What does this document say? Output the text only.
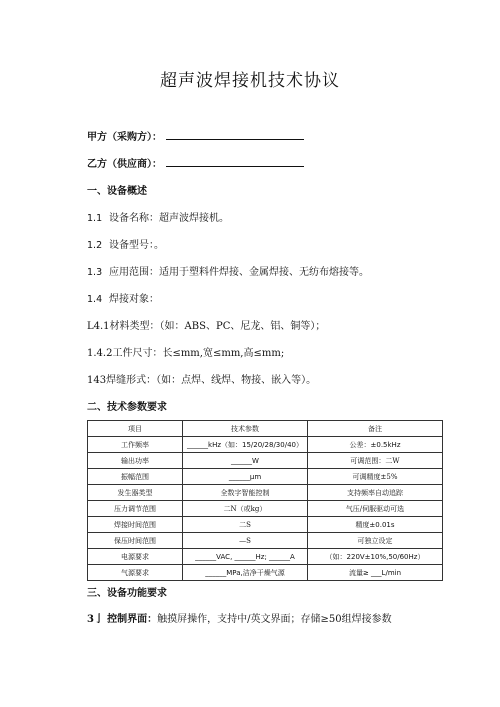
超声波焊接机技术协议
甲方（采购方）：
乙方（供应商）：
一、设备概述
1.1 设备名称：超声波焊接机。
1.2 设备型号：。
1.3 应用范围：适用于塑料件焊接、金属焊接、无纺布熔接等。
1.4 焊接对象：
L4.1材料类型：（如：ABS、PC、尼龙、铝、铜等）；
1.4.2工件尺寸：长≤mm,宽≤mm,高≤mm;
143焊缝形式：（如：点焊、线焊、物接、嵌入等）。
二、技术参数要求
项目	技术参数	备注
工作频率	______kHz（如：15/20/28/30/40）	公差：±0.5kHz
输出功率	______W	可调范围：二W
振幅范围	______μm	可调精度±5%
发生器类型	全数字智能控制	支持频率自动追踪
压力调节范围	二N（或kg）	气压/伺服驱动可选
焊接时间范围	二S	精度±0.01s
保压时间范围	—S	可独立设定
电源要求	______VAC, ______Hz; ______A	（如：220V±10%,50/60Hz）
气源要求	______MPa,洁净干燥气源	流量≥ ___L/min
三、设备功能要求
3亅 控制界面：触摸屏操作，支持中/英文界面；存储≥50组焊接参数
